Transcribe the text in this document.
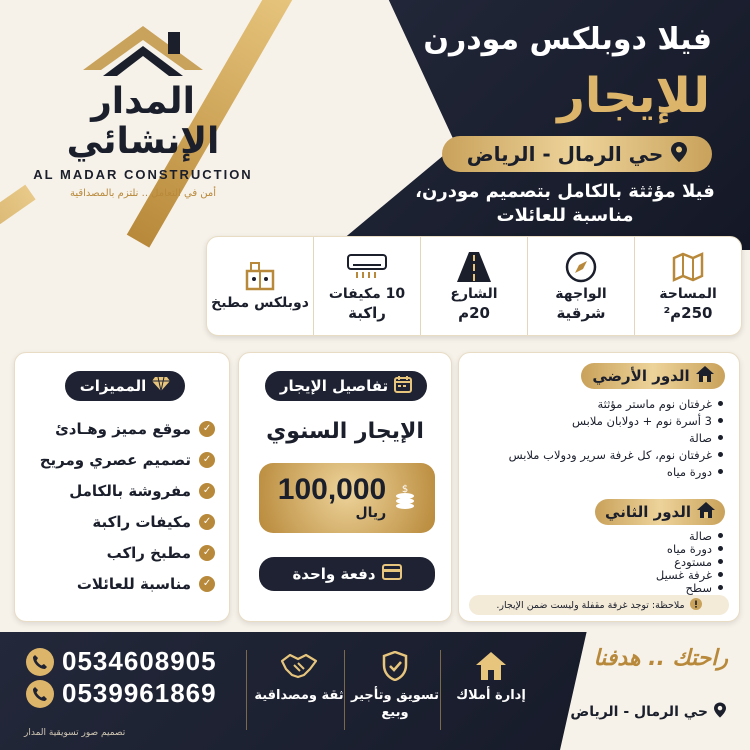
المدار الإنشائي
AL MADAR CONSTRUCTION
أمن في التعامل .. نلتزم بالمصداقية
فيلا دوبلكس مودرن
للإيجار
حي الرمال - الرياض
فيلا مؤثثة بالكامل بتصميم مودرن، مناسبة للعائلات
المساحة
250م²
الواجهة
شرقية
الشارع
20م
10 مكيفات
راكبة
دوبلكس مطبخ
المميزات
✓
موقع مميز وهـادئ
✓
تصميم عصري ومريح
✓
مفروشة بالكامل
✓
مكيفات راكبة
✓
مطبخ راكب
✓
مناسبة للعائلات
تفاصيل الإيجار
الإيجار السنوي
100,000
ريال
$
دفعة واحدة
الدور الأرضي
غرفتان نوم ماستر مؤثثة
3 أسرة نوم + دولابان ملابس
صالة
غرفتان نوم، كل غرفة سرير ودولاب ملابس
دورة مياه
الدور الثاني
صالة
دورة مياه
مستودع
غرفة غسيل
سطح
ملاحظة: توجد غرفة مقفلة وليست ضمن الإيجار.
راحتك .. هدفنا
حي الرمال - الرياض
إدارة أملاك
تسويق وتأجير وبيع
ثقة ومصداقية
0534608905
0539961869
تصميم صور تسويقية المدار
